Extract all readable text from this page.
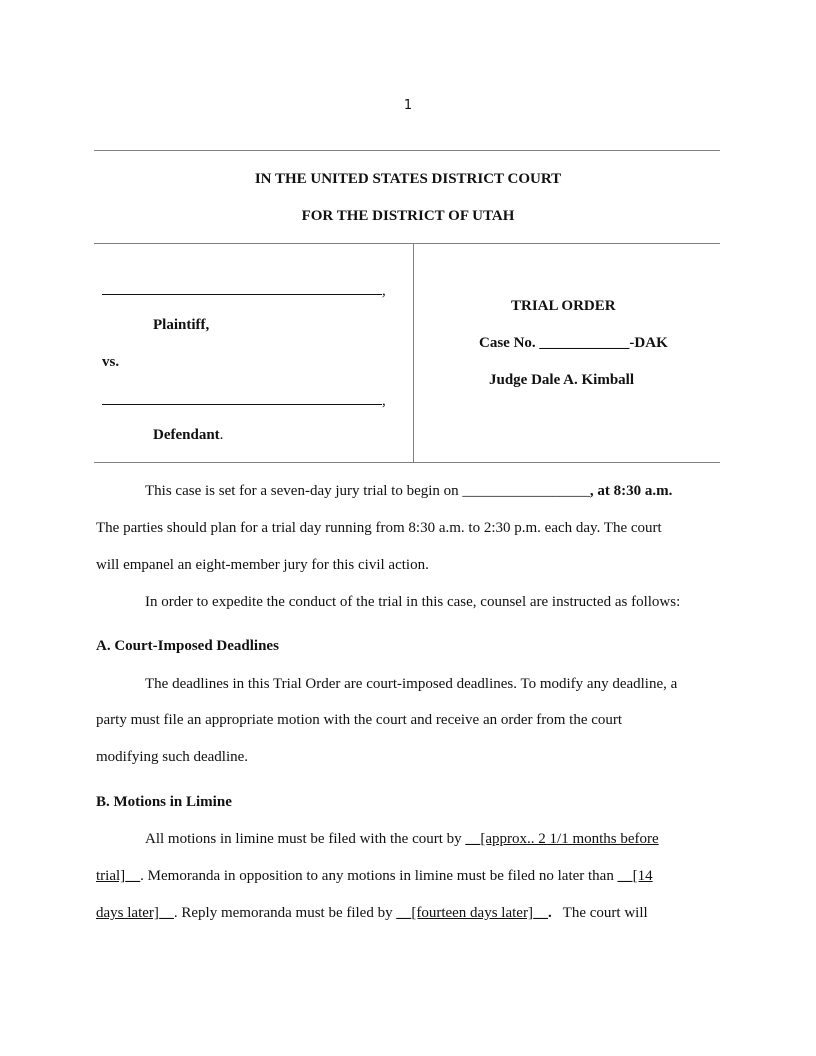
1
IN THE UNITED STATES DISTRICT COURT
FOR THE DISTRICT OF UTAH
,
Plaintiff,
vs.
,
Defendant.
TRIAL ORDER
Case No. ____________-DAK
Judge Dale A. Kimball
This case is set for a seven-day jury trial to begin on _________________, at 8:30 a.m.
The parties should plan for a trial day running from 8:30 a.m. to 2:30 p.m. each day. The court
will empanel an eight-member jury for this civil action.
In order to expedite the conduct of the trial in this case, counsel are instructed as follows:
A. Court-Imposed Deadlines
The deadlines in this Trial Order are court-imposed deadlines. To modify any deadline, a
party must file an appropriate motion with the court and receive an order from the court
modifying such deadline.
B. Motions in Limine
All motions in limine must be filed with the court by __[approx.. 2 1/1 months before
trial]__. Memoranda in opposition to any motions in limine must be filed no later than __[14
days later]__. Reply memoranda must be filed by __[fourteen days later]__.   The court will
